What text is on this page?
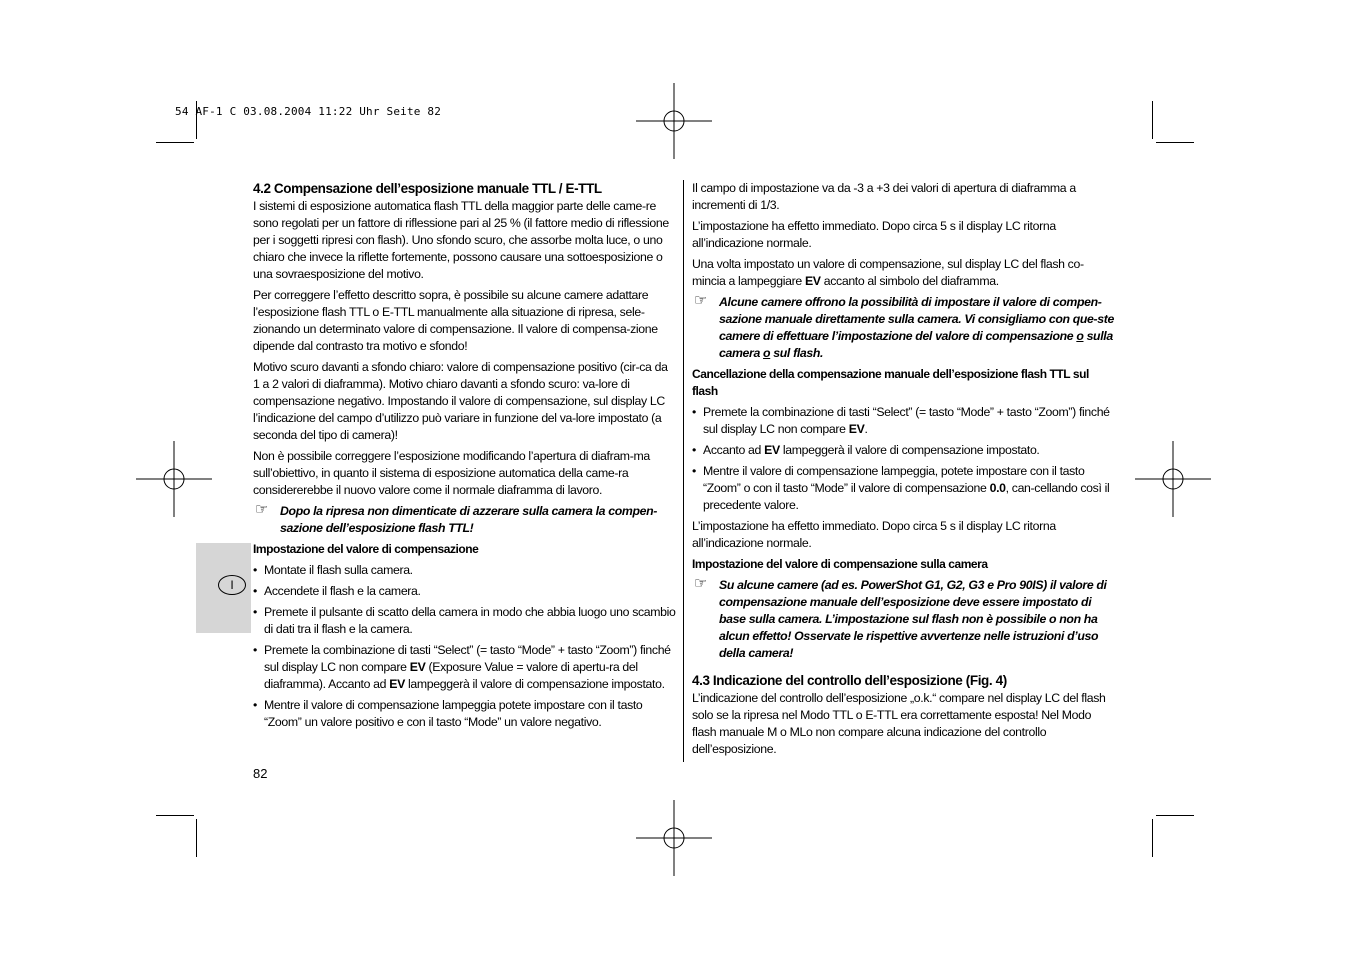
54 AF-1 C 03.08.2004 11:22 Uhr Seite 82
I
4.2 Compensazione dell’esposizione manuale TTL / E-TTL

I sistemi di esposizione automatica flash TTL della maggior parte delle came-re sono regolati per un fattore di riflessione pari al 25 % (il fattore medio di riflessione per i soggetti ripresi con flash). Uno sfondo scuro, che assorbe molta luce, o uno chiaro che invece la riflette fortemente, possono causare una sottoesposizione o una sovraesposizione del motivo.

Per correggere l’effetto descritto sopra, è possibile su alcune camere adattare l’esposizione flash TTL o E-TTL manualmente alla situazione di ripresa, sele-zionando un determinato valore di compensazione. Il valore di compensa-zione dipende dal contrasto tra motivo e sfondo!

Motivo scuro davanti a sfondo chiaro: valore di compensazione positivo (cir-ca da 1 a 2 valori di diaframma). Motivo chiaro davanti a sfondo scuro: va-lore di compensazione negativo. Impostando il valore di compensazione, sul display LC l’indicazione del campo d’utilizzo può variare in funzione del va-lore impostato (a seconda del tipo di camera)!

Non è possibile correggere l’esposizione modificando l’apertura di diafram-ma sull’obiettivo, in quanto il sistema di esposizione automatica della came-ra considererebbe il nuovo valore come il normale diaframma di lavoro.

☞ Dopo la ripresa non dimenticate di azzerare sulla camera la compen-sazione dell’esposizione flash TTL!
Impostazione del valore di compensazione
• Montate il flash sulla camera.
• Accendete il flash e la camera.
• Premete il pulsante di scatto della camera in modo che abbia luogo uno scambio di dati tra il flash e la camera.
• Premete la combinazione di tasti “Select” (= tasto “Mode” + tasto “Zoom”) finché sul display LC non compare EV (Exposure Value = valore di apertu-ra del diaframma). Accanto ad EV lampeggerà il valore di compensazione impostato.
• Mentre il valore di compensazione lampeggia potete impostare con il tasto “Zoom” un valore positivo e con il tasto “Mode” un valore negativo.
82

Il campo di impostazione va da -3 a +3 dei valori di apertura di diaframma a incrementi di 1/3.

L’impostazione ha effetto immediato. Dopo circa 5 s il display LC ritorna all’indicazione normale.

Una volta impostato un valore di compensazione, sul display LC del flash co-mincia a lampeggiare EV accanto al simbolo del diaframma.

☞ Alcune camere offrono la possibilità di impostare il valore di compen-sazione manuale direttamente sulla camera. Vi consigliamo con que-ste camere di effettuare l’impostazione del valore di compensazione o sulla camera o sul flash.
Cancellazione della compensazione manuale dell’esposizione flash TTL sul flash
• Premete la combinazione di tasti “Select” (= tasto “Mode” + tasto “Zoom”) finché sul display LC non compare EV.
• Accanto ad EV lampeggerà il valore di compensazione impostato.
• Mentre il valore di compensazione lampeggia, potete impostare con il tasto “Zoom” o con il tasto “Mode” il valore di compensazione 0.0, can-cellando così il precedente valore.

L’impostazione ha effetto immediato. Dopo circa 5 s il display LC ritorna all’indicazione normale.

Impostazione del valore di compensazione sulla camera
☞ Su alcune camere (ad es. PowerShot G1, G2, G3 e Pro 90IS) il valore di compensazione manuale dell’esposizione deve essere impostato di base sulla camera. L’impostazione sul flash non è possibile o non ha alcun effetto! Osservate le rispettive avvertenze nelle istruzioni d’uso della camera!
4.3 Indicazione del controllo dell’esposizione (Fig. 4)

L’indicazione del controllo dell’esposizione „o.k.“ compare nel display LC del flash solo se la ripresa nel Modo TTL o E-TTL era correttamente esposta! Nel Modo flash manuale M o MLo non compare alcuna indicazione del controllo dell’esposizione.
